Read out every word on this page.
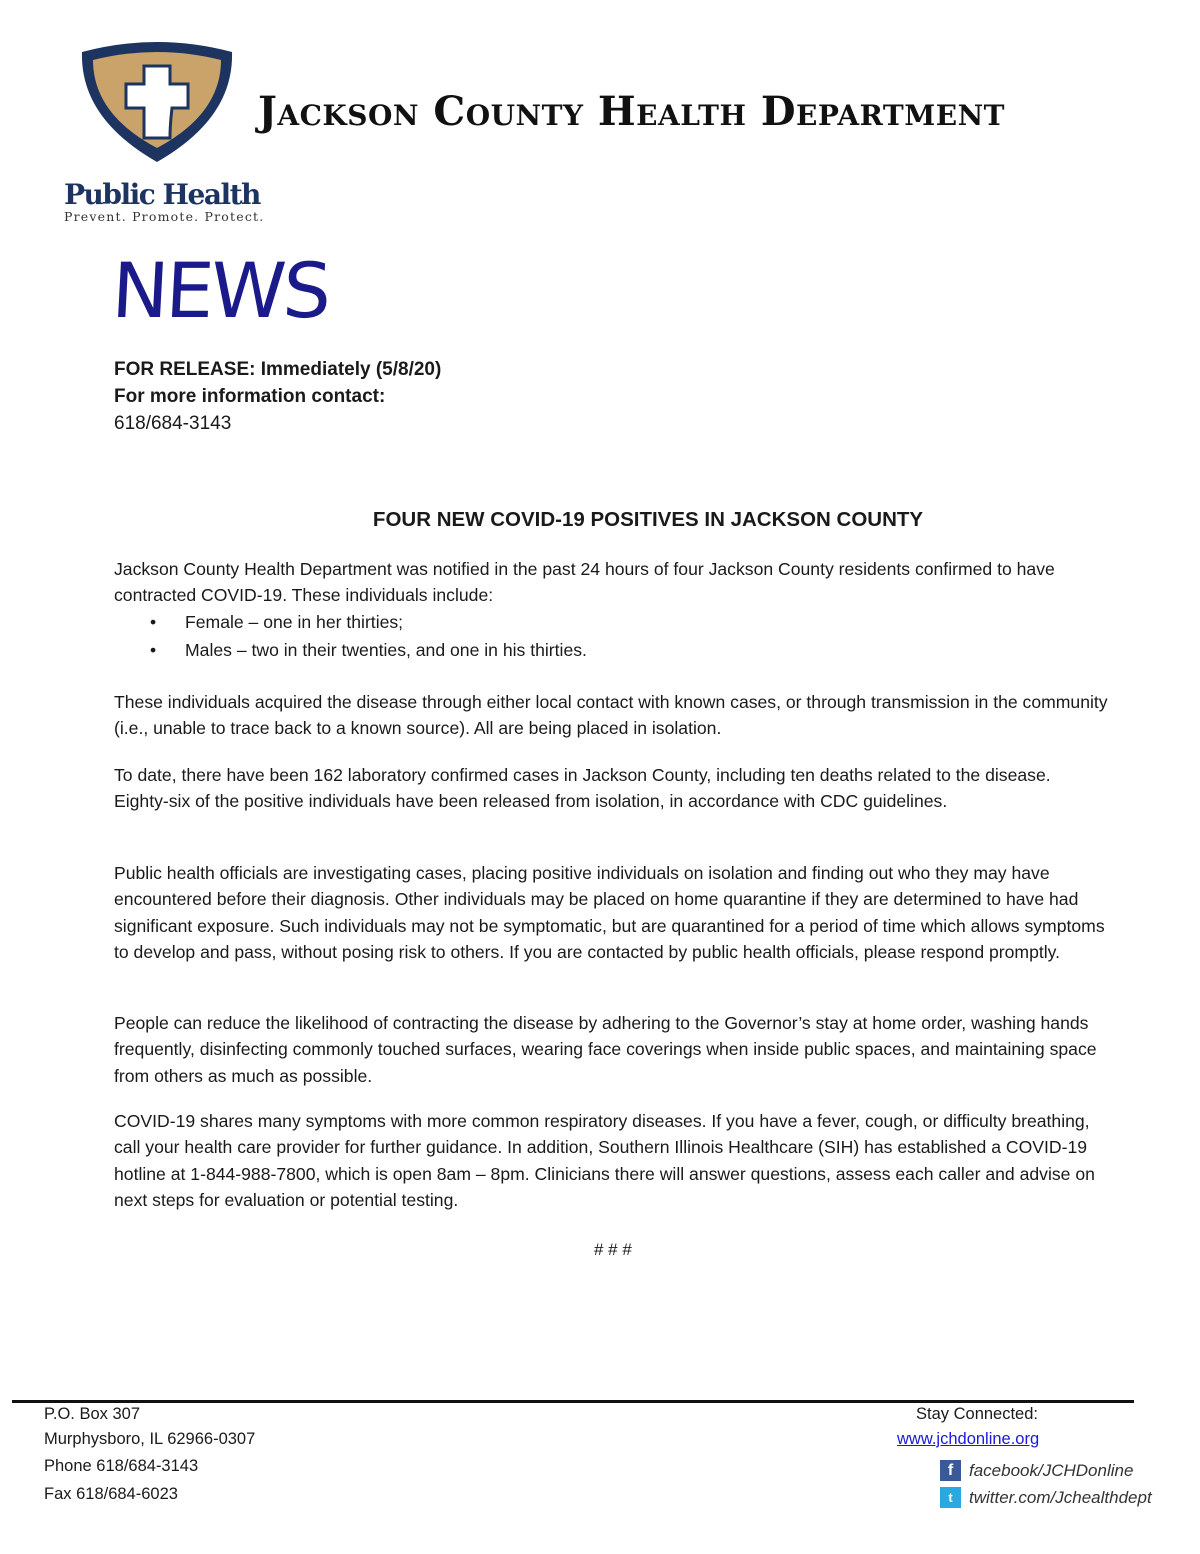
Jackson County Health Department
Public Health
Prevent. Promote. Protect.
NEWS
FOR RELEASE: Immediately (5/8/20)
For more information contact:
618/684-3143
FOUR NEW COVID-19 POSITIVES IN JACKSON COUNTY
Jackson County Health Department was notified in the past 24 hours of four Jackson County residents confirmed to have contracted COVID-19. These individuals include:
• Female – one in her thirties;
• Males – two in their twenties, and one in his thirties.
These individuals acquired the disease through either local contact with known cases, or through transmission in the community (i.e., unable to trace back to a known source). All are being placed in isolation.
To date, there have been 162 laboratory confirmed cases in Jackson County, including ten deaths related to the disease. Eighty-six of the positive individuals have been released from isolation, in accordance with CDC guidelines.
Public health officials are investigating cases, placing positive individuals on isolation and finding out who they may have encountered before their diagnosis. Other individuals may be placed on home quarantine if they are determined to have had significant exposure. Such individuals may not be symptomatic, but are quarantined for a period of time which allows symptoms to develop and pass, without posing risk to others. If you are contacted by public health officials, please respond promptly.
People can reduce the likelihood of contracting the disease by adhering to the Governor’s stay at home order, washing hands frequently, disinfecting commonly touched surfaces, wearing face coverings when inside public spaces, and maintaining space from others as much as possible.
COVID-19 shares many symptoms with more common respiratory diseases. If you have a fever, cough, or difficulty breathing, call your health care provider for further guidance. In addition, Southern Illinois Healthcare (SIH) has established a COVID-19 hotline at 1-844-988-7800, which is open 8am – 8pm. Clinicians there will answer questions, assess each caller and advise on next steps for evaluation or potential testing.
# # #
P.O. Box 307
Murphysboro, IL 62966-0307
Phone 618/684-3143
Fax 618/684-6023
Stay Connected:
www.jchdonline.org
f facebook/JCHDonline
t twitter.com/Jchealthdept
